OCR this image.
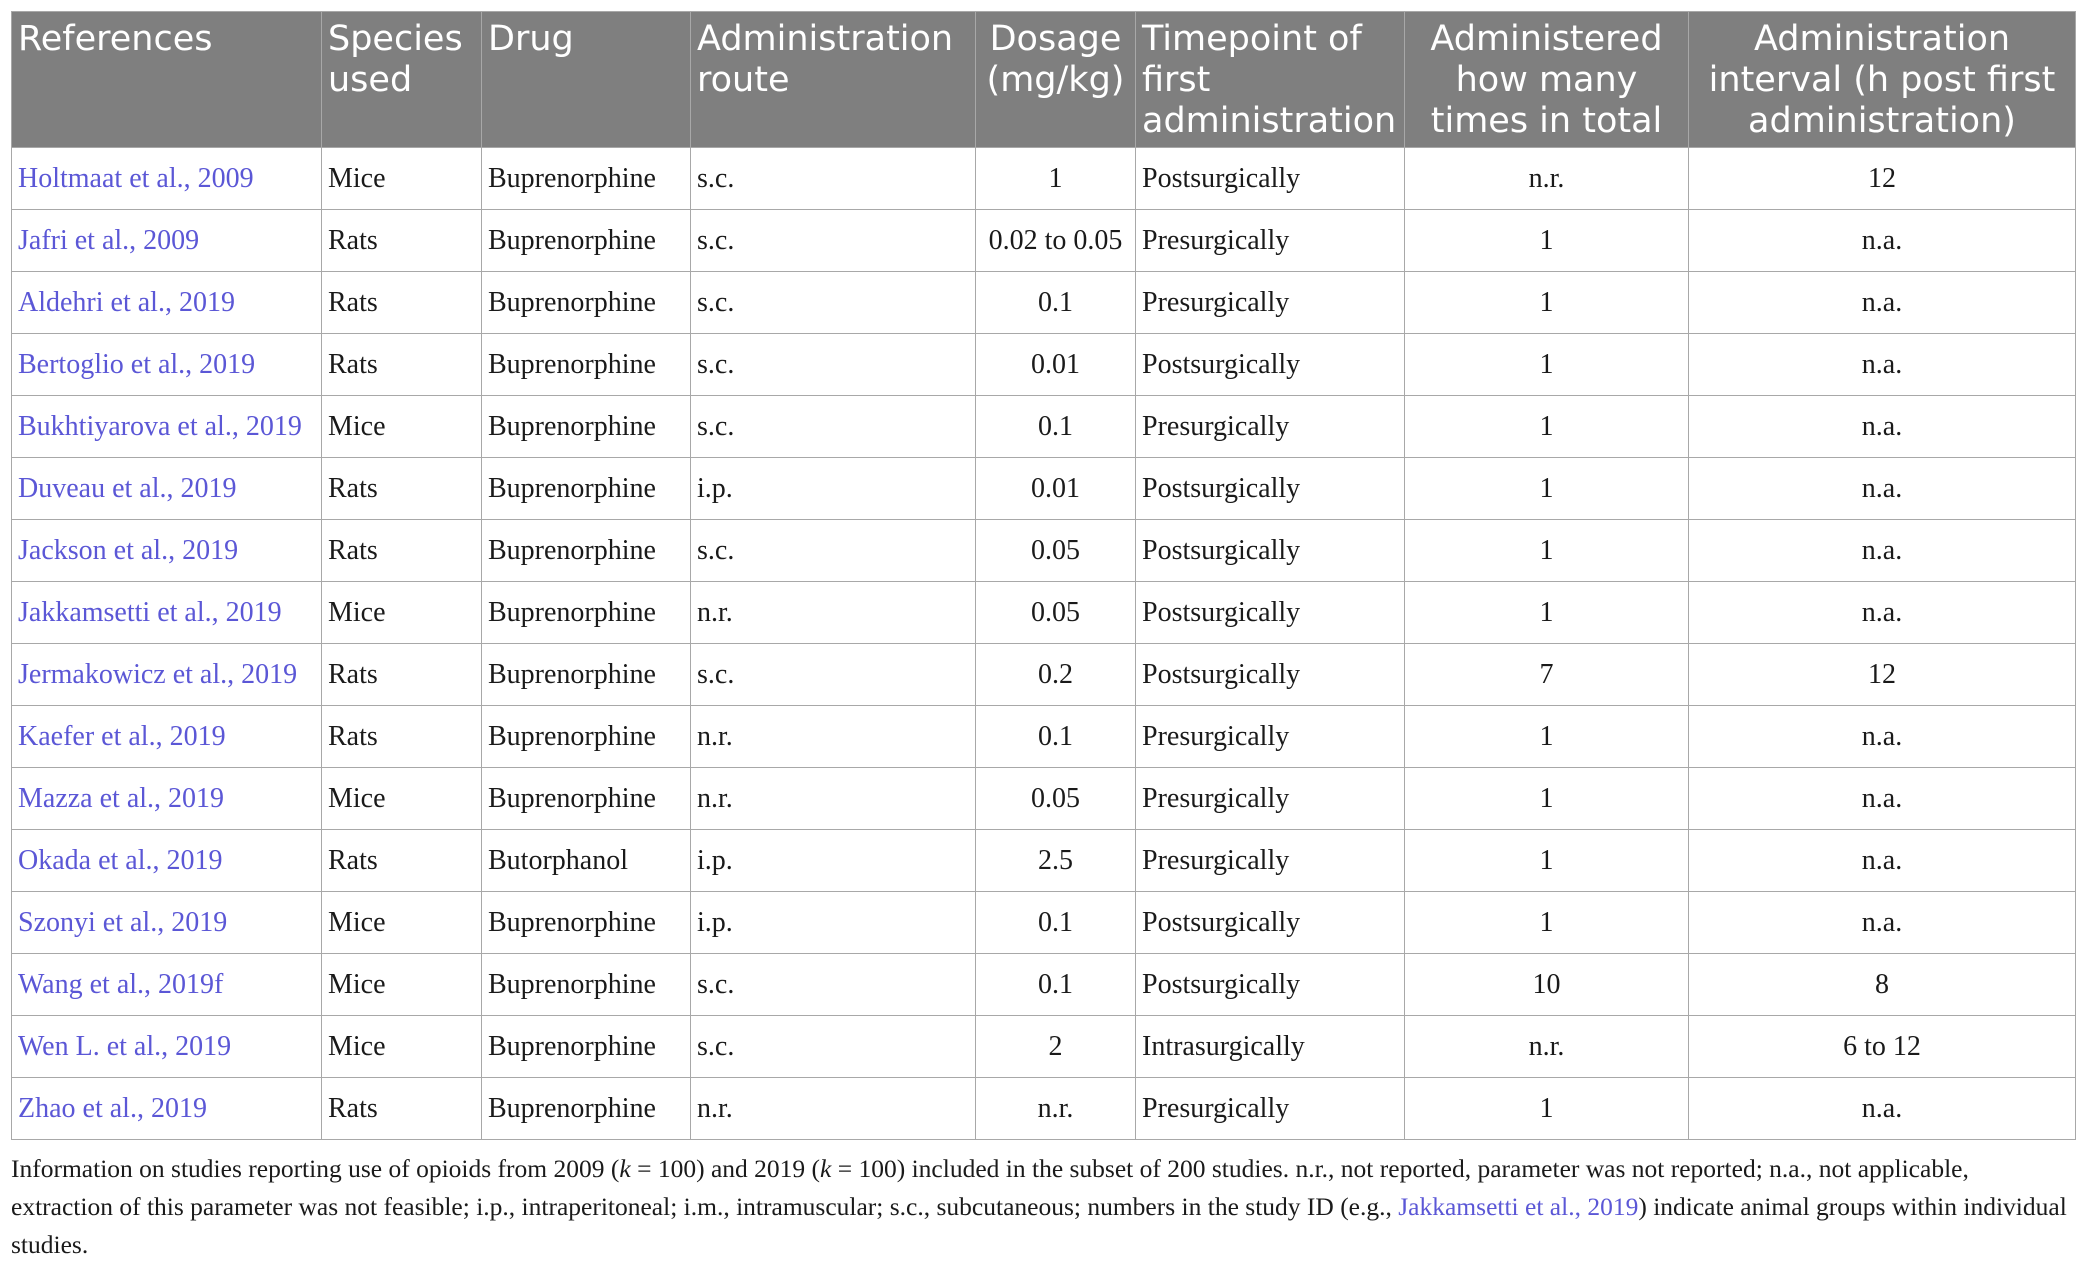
References	Species used	Drug	Administration route	Dosage (mg/kg)	Timepoint of first administration	Administered how many times in total	Administration interval (h post first administration)
Holtmaat et al., 2009	Mice	Buprenorphine	s.c.	1	Postsurgically	n.r.	12
Jafri et al., 2009	Rats	Buprenorphine	s.c.	0.02 to 0.05	Presurgically	1	n.a.
Aldehri et al., 2019	Rats	Buprenorphine	s.c.	0.1	Presurgically	1	n.a.
Bertoglio et al., 2019	Rats	Buprenorphine	s.c.	0.01	Postsurgically	1	n.a.
Bukhtiyarova et al., 2019	Mice	Buprenorphine	s.c.	0.1	Presurgically	1	n.a.
Duveau et al., 2019	Rats	Buprenorphine	i.p.	0.01	Postsurgically	1	n.a.
Jackson et al., 2019	Rats	Buprenorphine	s.c.	0.05	Postsurgically	1	n.a.
Jakkamsetti et al., 2019	Mice	Buprenorphine	n.r.	0.05	Postsurgically	1	n.a.
Jermakowicz et al., 2019	Rats	Buprenorphine	s.c.	0.2	Postsurgically	7	12
Kaefer et al., 2019	Rats	Buprenorphine	n.r.	0.1	Presurgically	1	n.a.
Mazza et al., 2019	Mice	Buprenorphine	n.r.	0.05	Presurgically	1	n.a.
Okada et al., 2019	Rats	Butorphanol	i.p.	2.5	Presurgically	1	n.a.
Szonyi et al., 2019	Mice	Buprenorphine	i.p.	0.1	Postsurgically	1	n.a.
Wang et al., 2019f	Mice	Buprenorphine	s.c.	0.1	Postsurgically	10	8
Wen L. et al., 2019	Mice	Buprenorphine	s.c.	2	Intrasurgically	n.r.	6 to 12
Zhao et al., 2019	Rats	Buprenorphine	n.r.	n.r.	Presurgically	1	n.a.
Information on studies reporting use of opioids from 2009 (k = 100) and 2019 (k = 100) included in the subset of 200 studies. n.r., not reported, parameter was not reported; n.a., not applicable, extraction of this parameter was not feasible; i.p., intraperitoneal; i.m., intramuscular; s.c., subcutaneous; numbers in the study ID (e.g., Jakkamsetti et al., 2019) indicate animal groups within individual studies.
